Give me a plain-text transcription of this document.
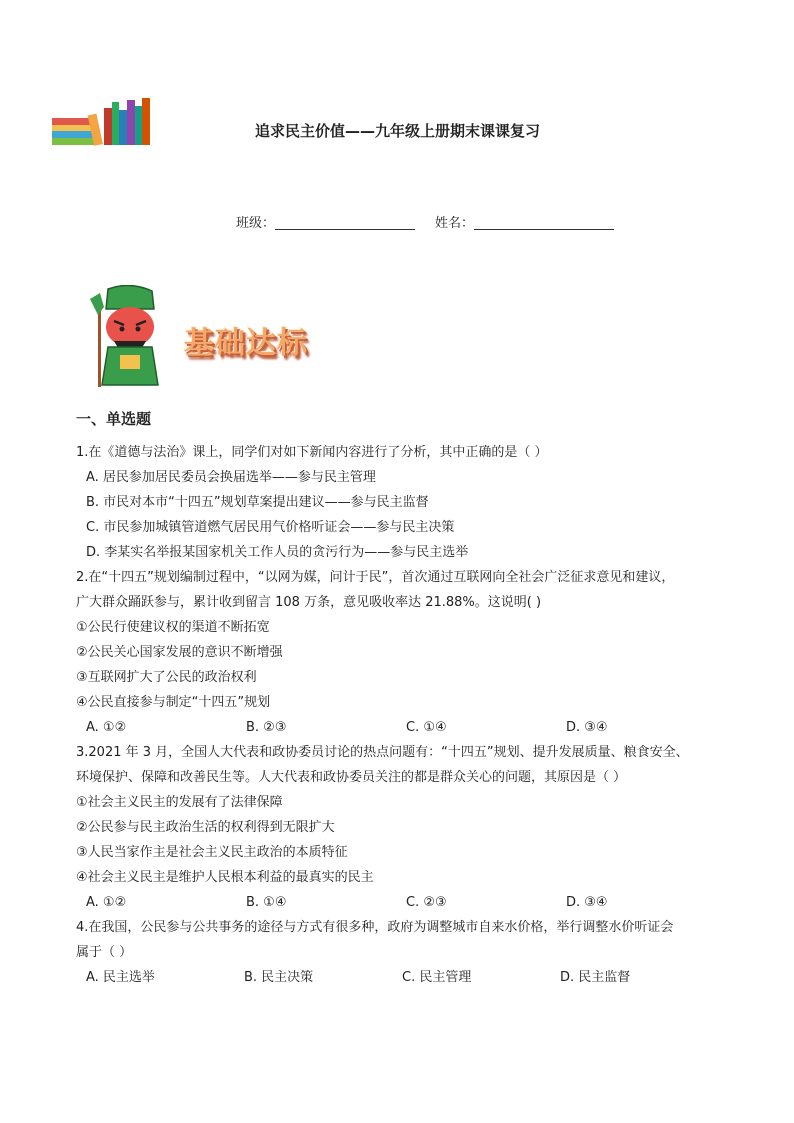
追求民主价值——九年级上册期末课课复习
班级：	姓名：
基础达标
一、单选题
1.在《道德与法治》课上，同学们对如下新闻内容进行了分析，其中正确的是（ ）
A. 居民参加居民委员会换届选举——参与民主管理
B. 市民对本市“十四五”规划草案提出建议——参与民主监督
C. 市民参加城镇管道燃气居民用气价格听证会——参与民主决策
D. 李某实名举报某国家机关工作人员的贪污行为——参与民主选举
2.在“十四五”规划编制过程中，“以网为媒，问计于民”，首次通过互联网向全社会广泛征求意见和建议，
广大群众踊跃参与，累计收到留言 108 万条，意见吸收率达 21.88%。这说明( )
①公民行使建议权的渠道不断拓宽
②公民关心国家发展的意识不断增强
③互联网扩大了公民的政治权利
④公民直接参与制定“十四五”规划
A. ①②	B. ②③	C. ①④	D. ③④
3.2021 年 3 月，全国人大代表和政协委员讨论的热点问题有：“十四五”规划、提升发展质量、粮食安全、
环境保护、保障和改善民生等。人大代表和政协委员关注的都是群众关心的问题，其原因是（ ）
①社会主义民主的发展有了法律保障
②公民参与民主政治生活的权利得到无限扩大
③人民当家作主是社会主义民主政治的本质特征
④社会主义民主是维护人民根本利益的最真实的民主
A. ①②	B. ①④	C. ②③	D. ③④
4.在我国，公民参与公共事务的途径与方式有很多种，政府为调整城市自来水价格，举行调整水价听证会
属于（ ）
A. 民主选举	B. 民主决策	C. 民主管理	D. 民主监督
